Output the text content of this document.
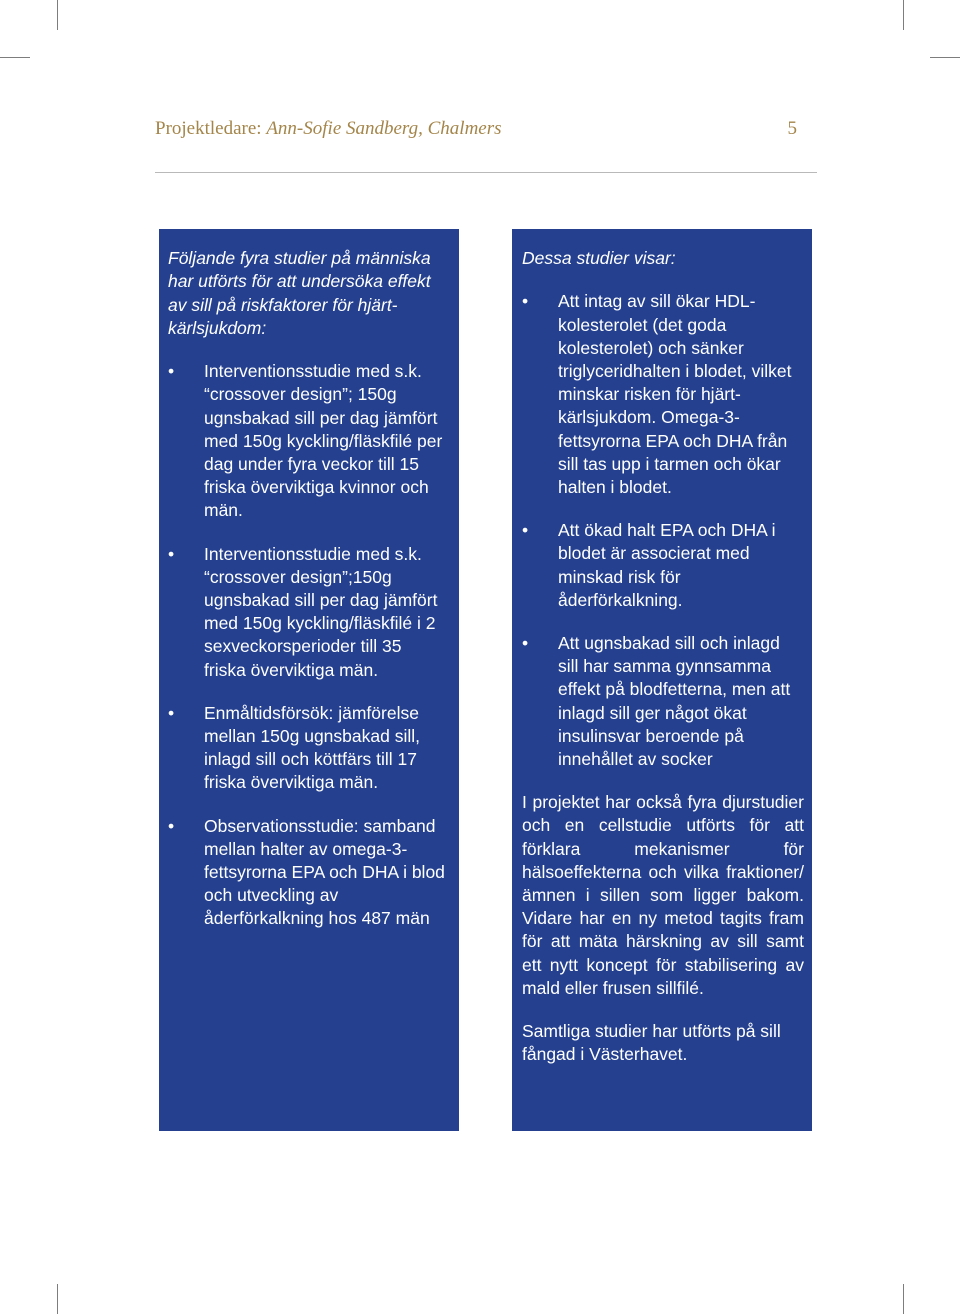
Projektledare: Ann-Sofie Sandberg, Chalmers	5

Följande fyra studier på människa har utförts för att undersöka effekt av sill på riskfaktorer för hjärt-kärlsjukdom:

• Interventionsstudie med s.k. “crossover design”; 150g ugnsbakad sill per dag jämfört med 150g kyckling/fläskfilé per dag under fyra veckor till 15 friska överviktiga kvinnor och män.
• Interventionsstudie med s.k. “crossover design”;150g ugnsbakad sill per dag jämfört med 150g kyckling/fläskfilé i 2 sexveckorsperioder till 35 friska överviktiga män.
• Enmåltidsförsök: jämförelse mellan 150g ugnsbakad sill, inlagd sill och köttfärs till 17 friska överviktiga män.
• Observationsstudie: samband mellan halter av omega-3-fettsyrorna EPA och DHA i blod och utveckling av åderförkalkning hos 487 män

Dessa studier visar:

• Att intag av sill ökar HDL-kolesterolet (det goda kolesterolet) och sänker triglyceridhalten i blodet, vilket minskar risken för hjärt-kärlsjukdom. Omega-3-fettsyrorna EPA och DHA från sill tas upp i tarmen och ökar halten i blodet.
• Att ökad halt EPA och DHA i blodet är associerat med minskad risk för åderförkalkning.
• Att ugnsbakad sill och inlagd sill har samma gynnsamma effekt på blodfetterna, men att inlagd sill ger något ökat insulinsvar beroende på innehållet av socker

I projektet har också fyra djurstudier och en cellstudie utförts för att förklara mekanismer för hälsoeffekterna och vilka fraktioner/ämnen i sillen som ligger bakom. Vidare har en ny metod tagits fram för att mäta härskning av sill samt ett nytt koncept för stabilisering av mald eller frusen sillfilé.

Samtliga studier har utförts på sill fångad i Västerhavet.
